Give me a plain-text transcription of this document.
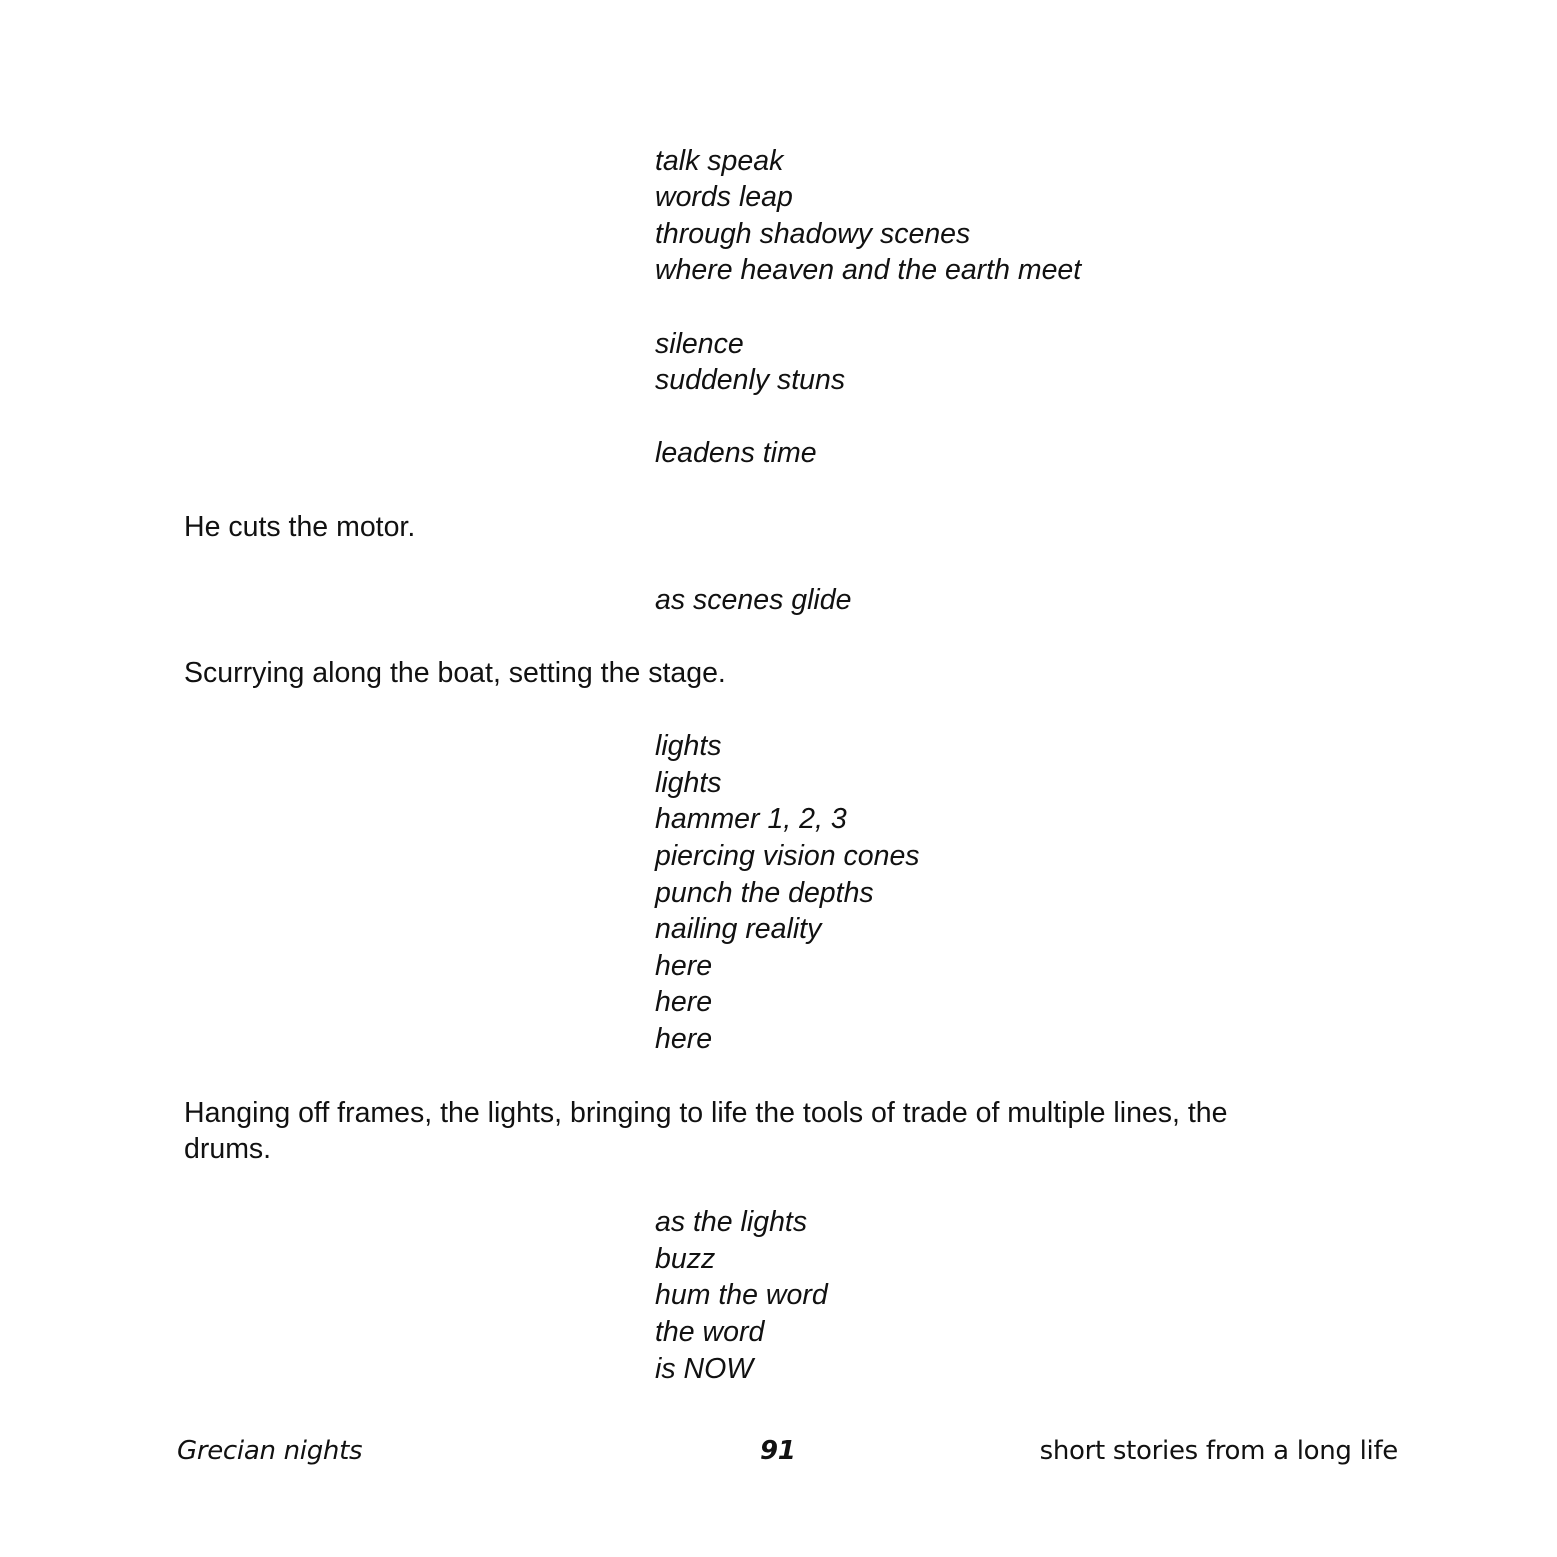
talk speak

words leap

through shadowy scenes

where heaven and the earth meet

silence

suddenly stuns

leadens time

He cuts the motor.

as scenes glide

Scurrying along the boat, setting the stage.

lights

lights

hammer 1, 2, 3

piercing vision cones

punch the depths

nailing reality

here

here

here

Hanging off frames, the lights, bringing to life the tools of trade of multiple lines, the

drums.

as the lights

buzz

hum the word

the word

is NOW

Grecian nights	91	short stories from a long life
